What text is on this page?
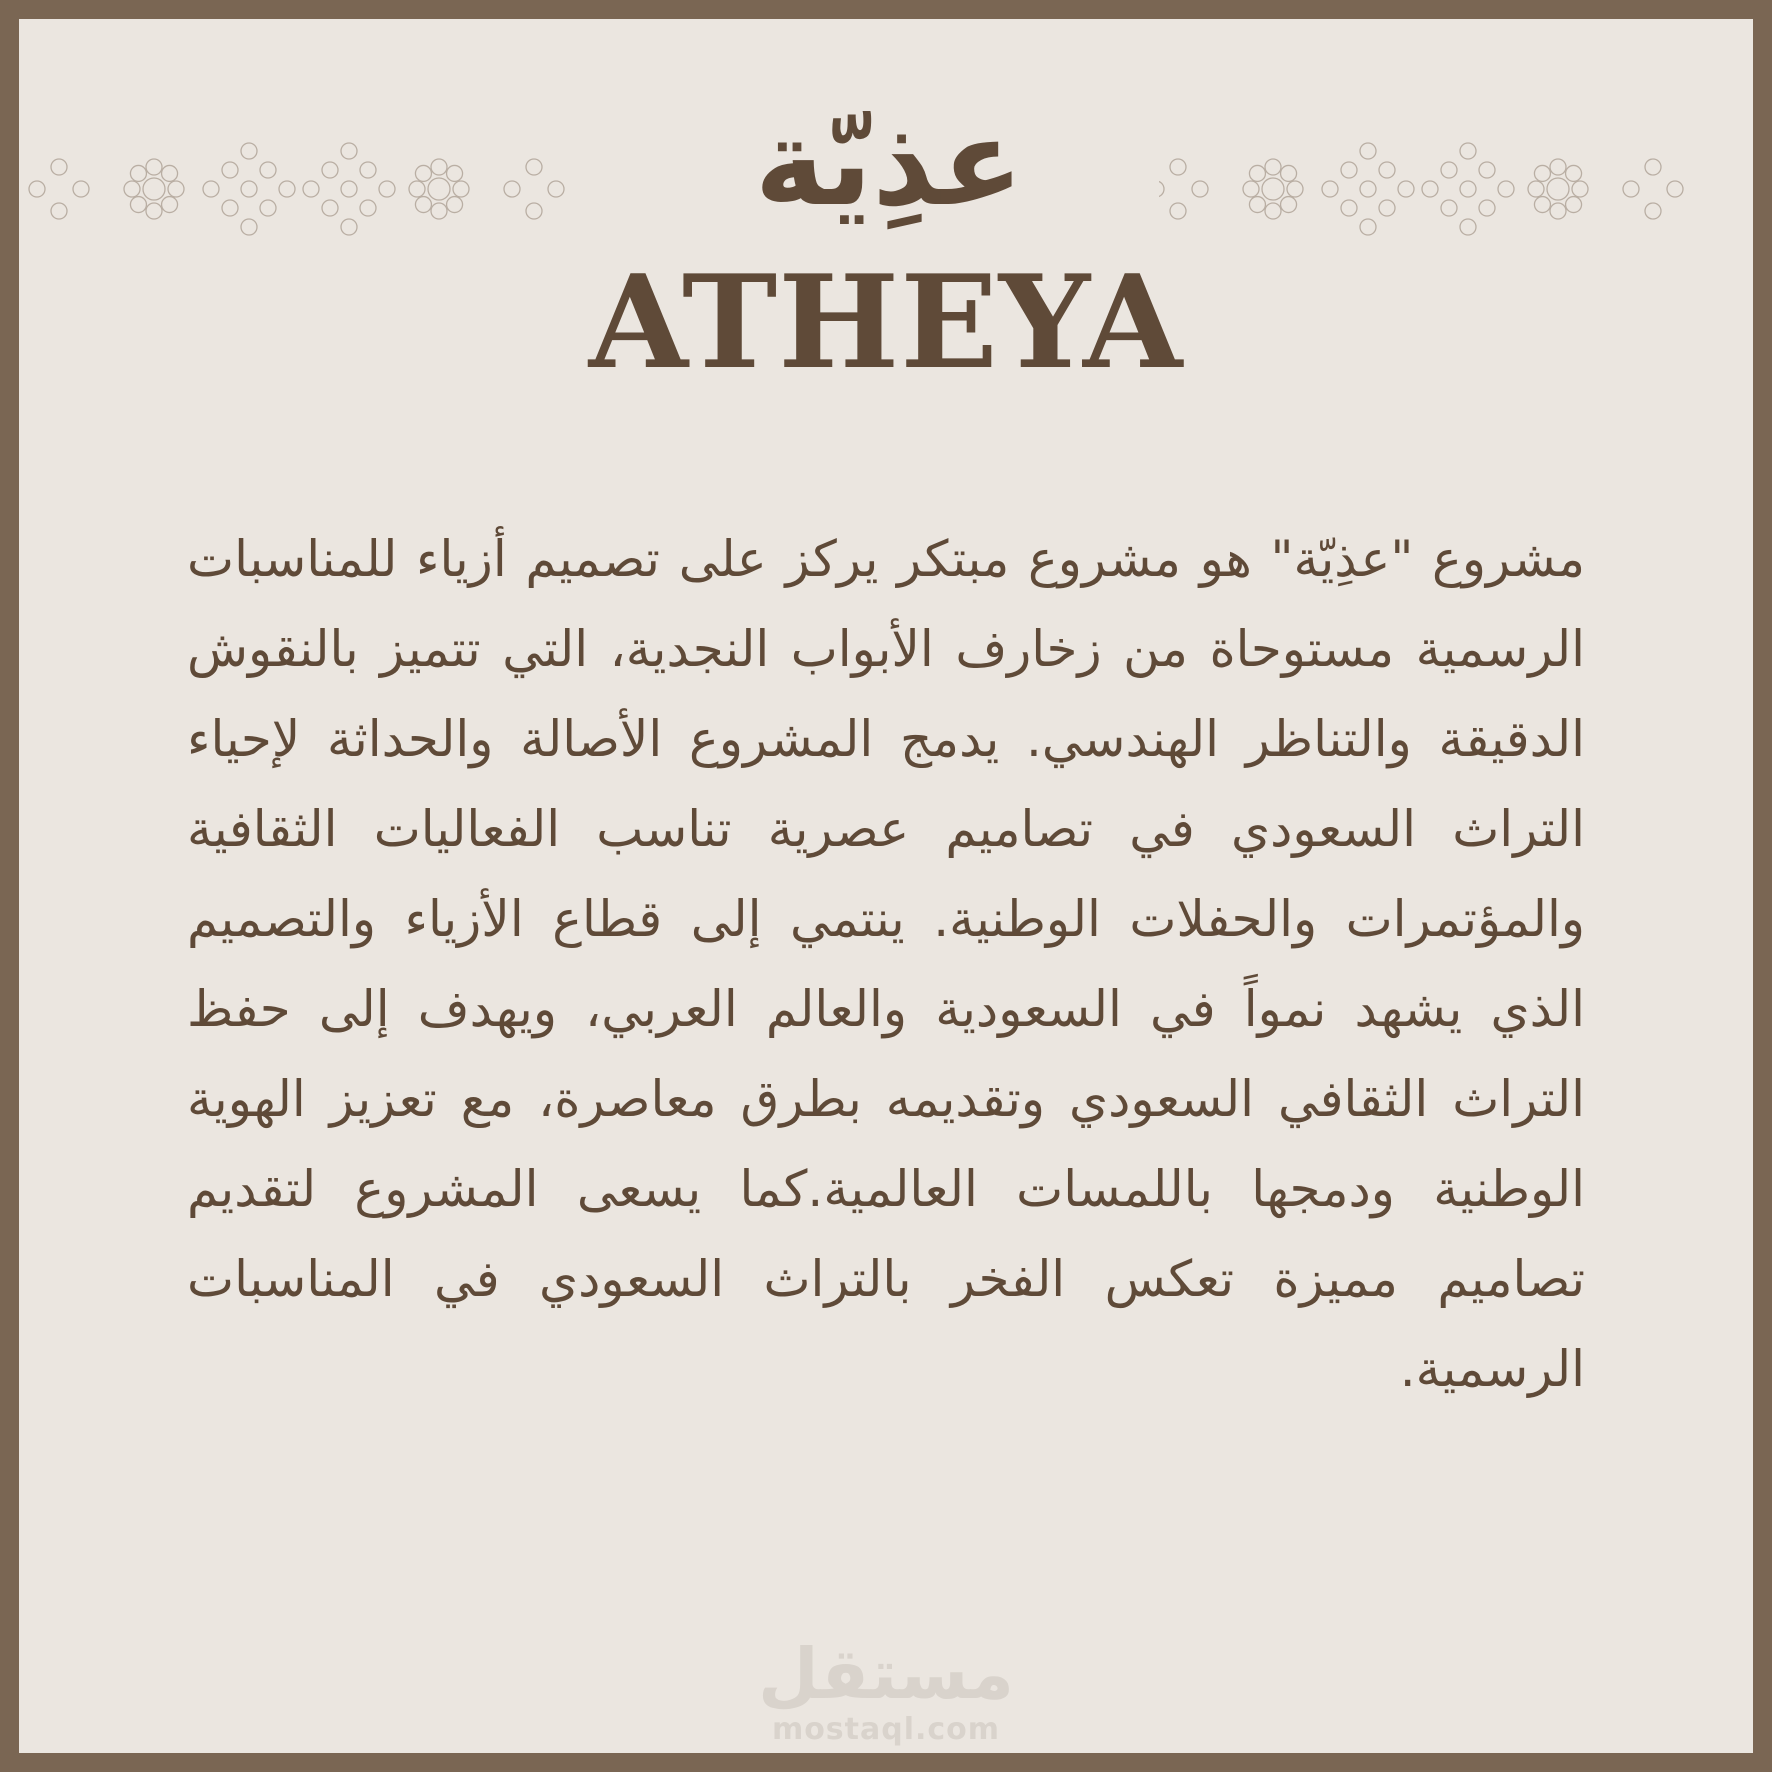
عذِيّة
ATHEYA
مشروع "عذِيّة" هو مشروع مبتكر يركز على تصميم أزياء للمناسبات الرسمية مستوحاة من زخارف الأبواب النجدية، التي تتميز بالنقوش الدقيقة والتناظر الهندسي. يدمج المشروع الأصالة والحداثة لإحياء التراث السعودي في تصاميم عصرية تناسب الفعاليات الثقافية والمؤتمرات والحفلات الوطنية. ينتمي إلى قطاع الأزياء والتصميم الذي يشهد نمواً في السعودية والعالم العربي، ويهدف إلى حفظ التراث الثقافي السعودي وتقديمه بطرق معاصرة، مع تعزيز الهوية الوطنية ودمجها باللمسات العالمية.كما يسعى المشروع لتقديم تصاميم مميزة تعكس الفخر بالتراث السعودي في المناسبات الرسمية.
مستقل
mostaql.com
